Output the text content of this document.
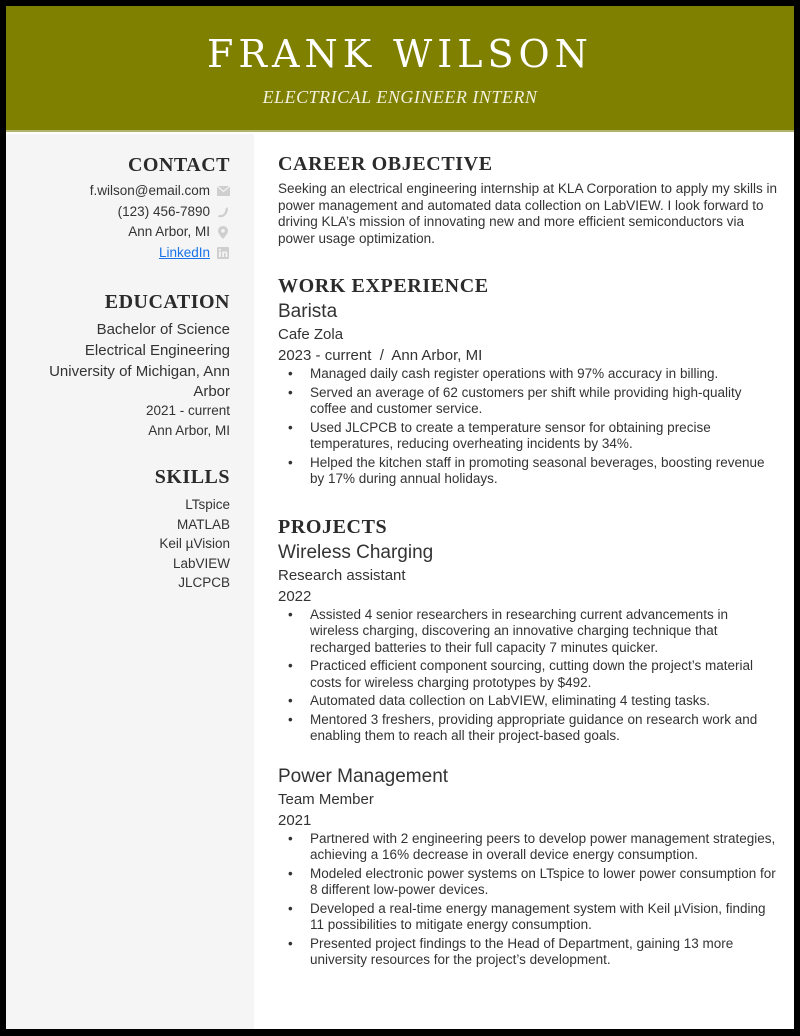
FRANK WILSON
ELECTRICAL ENGINEER INTERN
CONTACT
f.wilson@email.com
(123) 456-7890
Ann Arbor, MI
LinkedIn
EDUCATION
Bachelor of Science
Electrical Engineering
University of Michigan, Ann
Arbor
2021 - current
Ann Arbor, MI
SKILLS
LTspice
MATLAB
Keil µVision
LabVIEW
JLCPCB
CAREER OBJECTIVE

Seeking an electrical engineering internship at KLA Corporation to apply my skills in power management and automated data collection on LabVIEW. I look forward to driving KLA’s mission of innovating new and more efficient semiconductors via power usage optimization.

WORK EXPERIENCE
Barista
Cafe Zola
2023 - current  /  Ann Arbor, MI
• Managed daily cash register operations with 97% accuracy in billing.
• Served an average of 62 customers per shift while providing high-quality coffee and customer service.
• Used JLCPCB to create a temperature sensor for obtaining precise temperatures, reducing overheating incidents by 34%.
• Helped the kitchen staff in promoting seasonal beverages, boosting revenue by 17% during annual holidays.
PROJECTS
Wireless Charging
Research assistant
2022
• Assisted 4 senior researchers in researching current advancements in wireless charging, discovering an innovative charging technique that recharged batteries to their full capacity 7 minutes quicker.
• Practiced efficient component sourcing, cutting down the project’s material costs for wireless charging prototypes by $492.
• Automated data collection on LabVIEW, eliminating 4 testing tasks.
• Mentored 3 freshers, providing appropriate guidance on research work and enabling them to reach all their project-based goals.
Power Management
Team Member
2021
• Partnered with 2 engineering peers to develop power management strategies, achieving a 16% decrease in overall device energy consumption.
• Modeled electronic power systems on LTspice to lower power consumption for 8 different low-power devices.
• Developed a real-time energy management system with Keil µVision, finding 11 possibilities to mitigate energy consumption.
• Presented project findings to the Head of Department, gaining 13 more university resources for the project’s development.
